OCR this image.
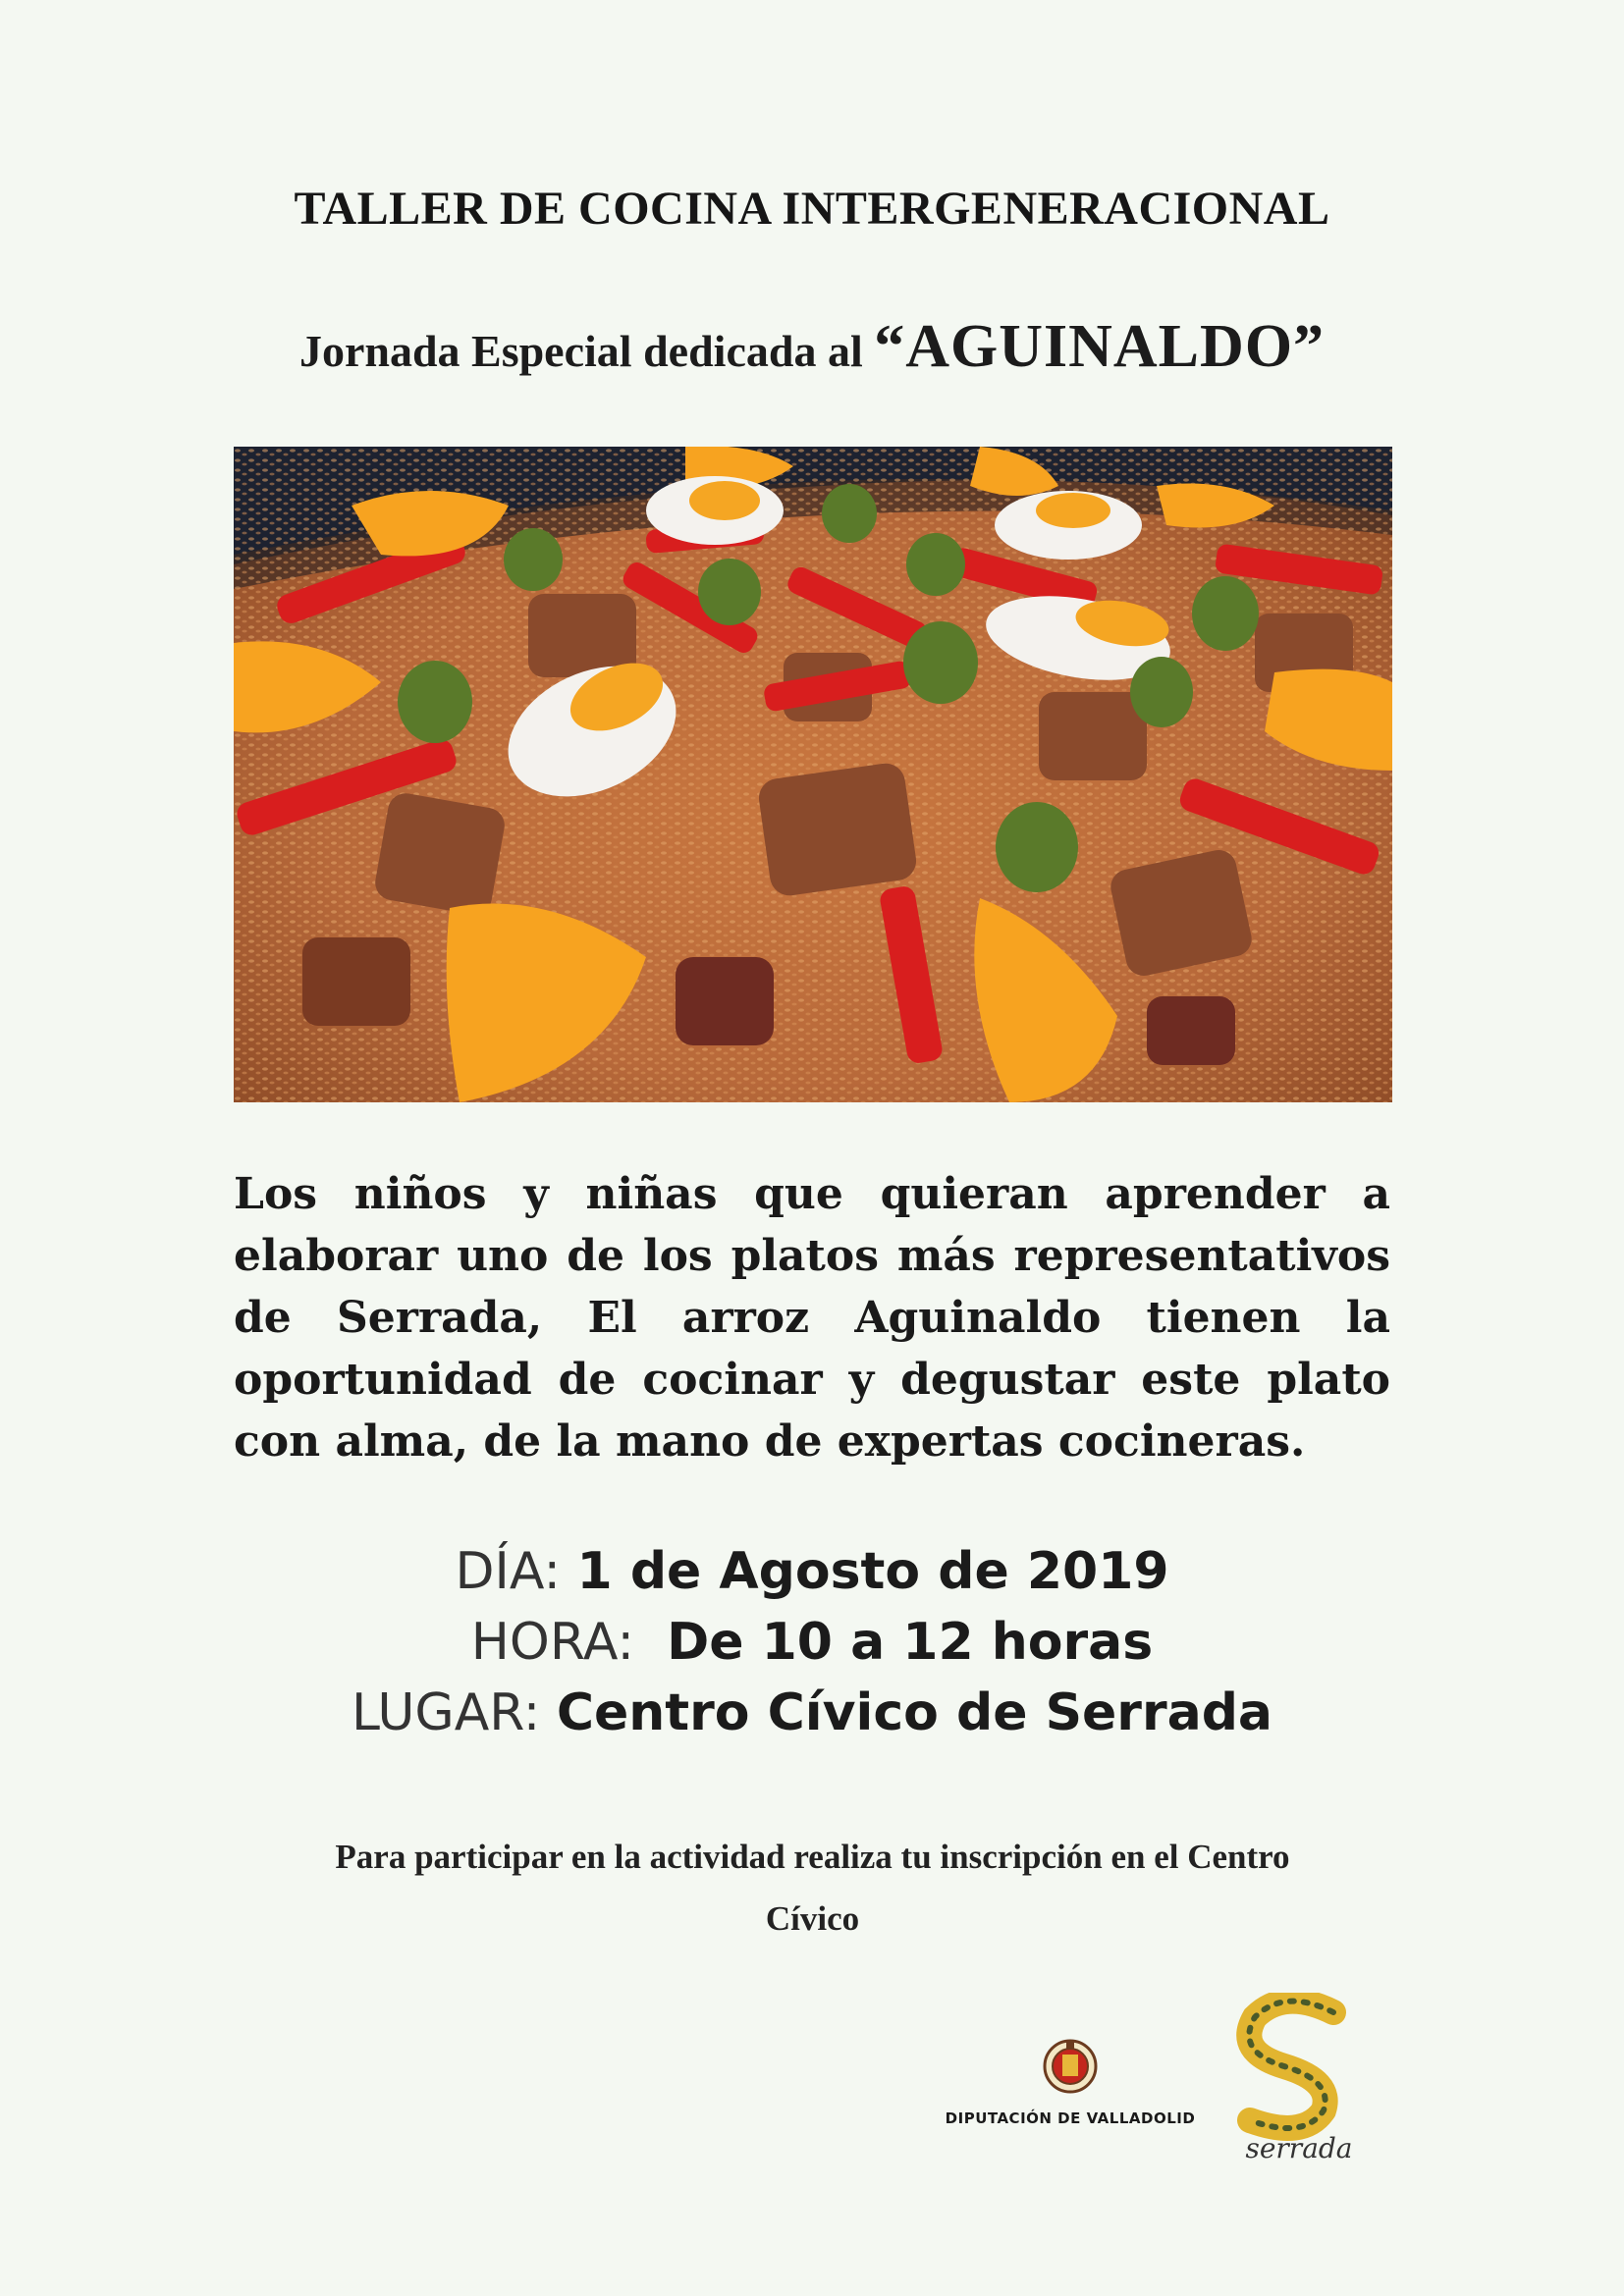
TALLER DE COCINA INTERGENERACIONAL
Jornada Especial dedicada al “AGUINALDO”
Los niños y niñas que quieran aprender a
elaborar uno de los platos más representativos
de Serrada, El arroz Aguinaldo tienen la
oportunidad de cocinar y degustar este plato
con alma, de la mano de expertas cocineras.
DÍA: 1 de Agosto de 2019
HORA:  De 10 a 12 horas
LUGAR: Centro Cívico de Serrada
Para participar en la actividad realiza tu inscripción en el Centro
Cívico
DIPUTACIÓN DE VALLADOLID
serrada
